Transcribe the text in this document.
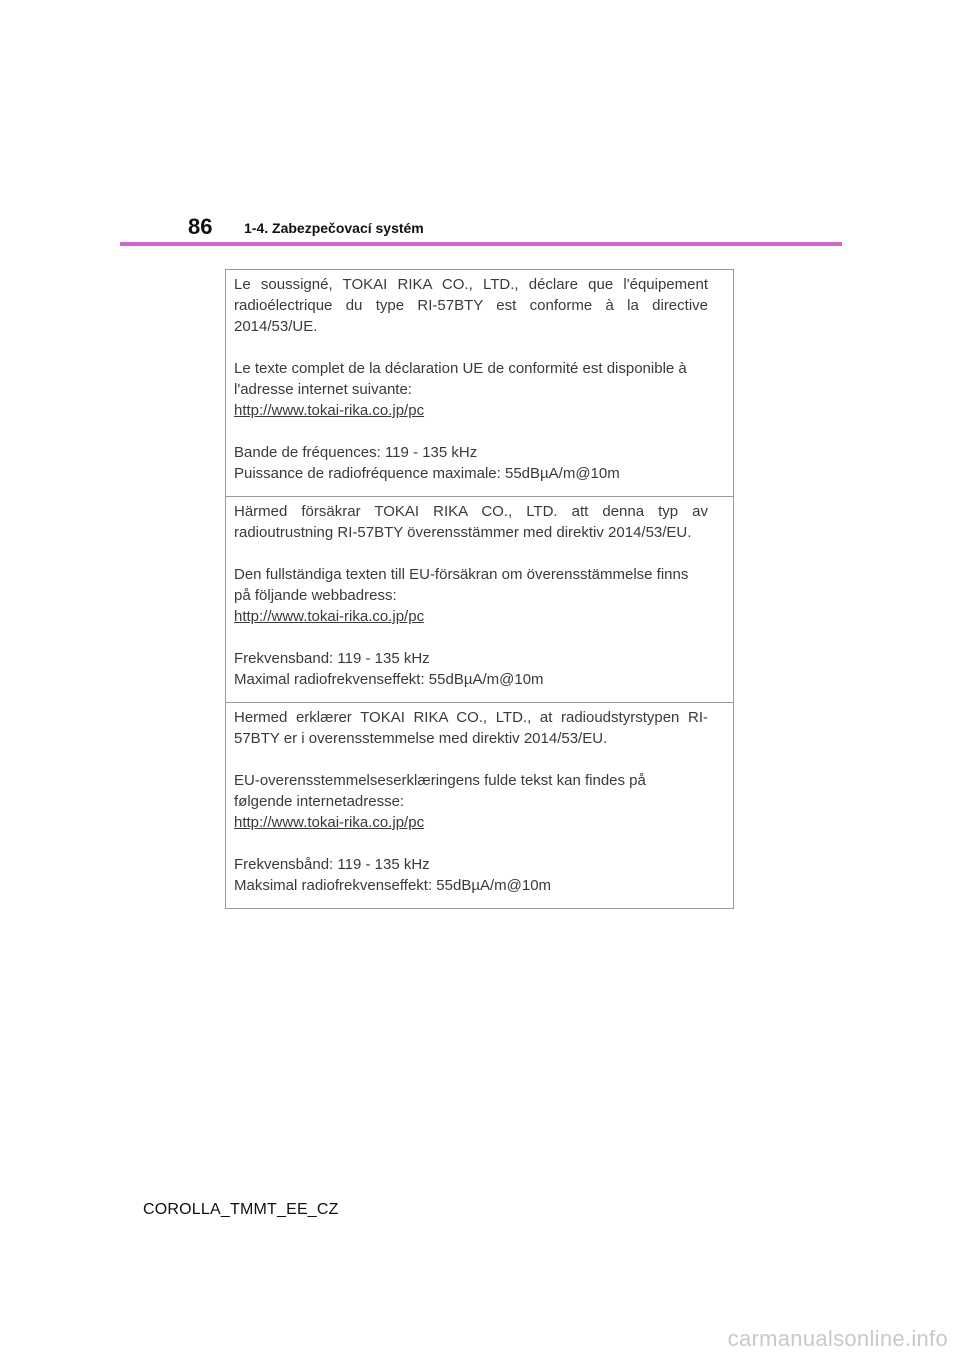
86 1-4. Zabezpečovací systém

Le soussigné, TOKAI RIKA CO., LTD., déclare que l'équipement radioélectrique du type RI-57BTY est conforme à la directive 2014/53/UE.

Le texte complet de la déclaration UE de conformité est disponible à
l'adresse internet suivante:
http://www.tokai-rika.co.jp/pc

Bande de fréquences: 119 - 135 kHz
Puissance de radiofréquence maximale: 55dBµA/m@10m

Härmed försäkrar TOKAI RIKA CO., LTD. att denna typ av radioutrustning RI-57BTY överensstämmer med direktiv 2014/53/EU.

Den fullständiga texten till EU-försäkran om överensstämmelse finns
på följande webbadress:
http://www.tokai-rika.co.jp/pc

Frekvensband: 119 - 135 kHz
Maximal radiofrekvenseffekt: 55dBµA/m@10m

Hermed erklærer TOKAI RIKA CO., LTD., at radioudstyrstypen RI-57BTY er i overensstemmelse med direktiv 2014/53/EU.

EU-overensstemmelseserklæringens fulde tekst kan findes på
følgende internetadresse:
http://www.tokai-rika.co.jp/pc

Frekvensbånd: 119 - 135 kHz
Maksimal radiofrekvenseffekt: 55dBµA/m@10m

COROLLA_TMMT_EE_CZ
carmanualsonline.info
